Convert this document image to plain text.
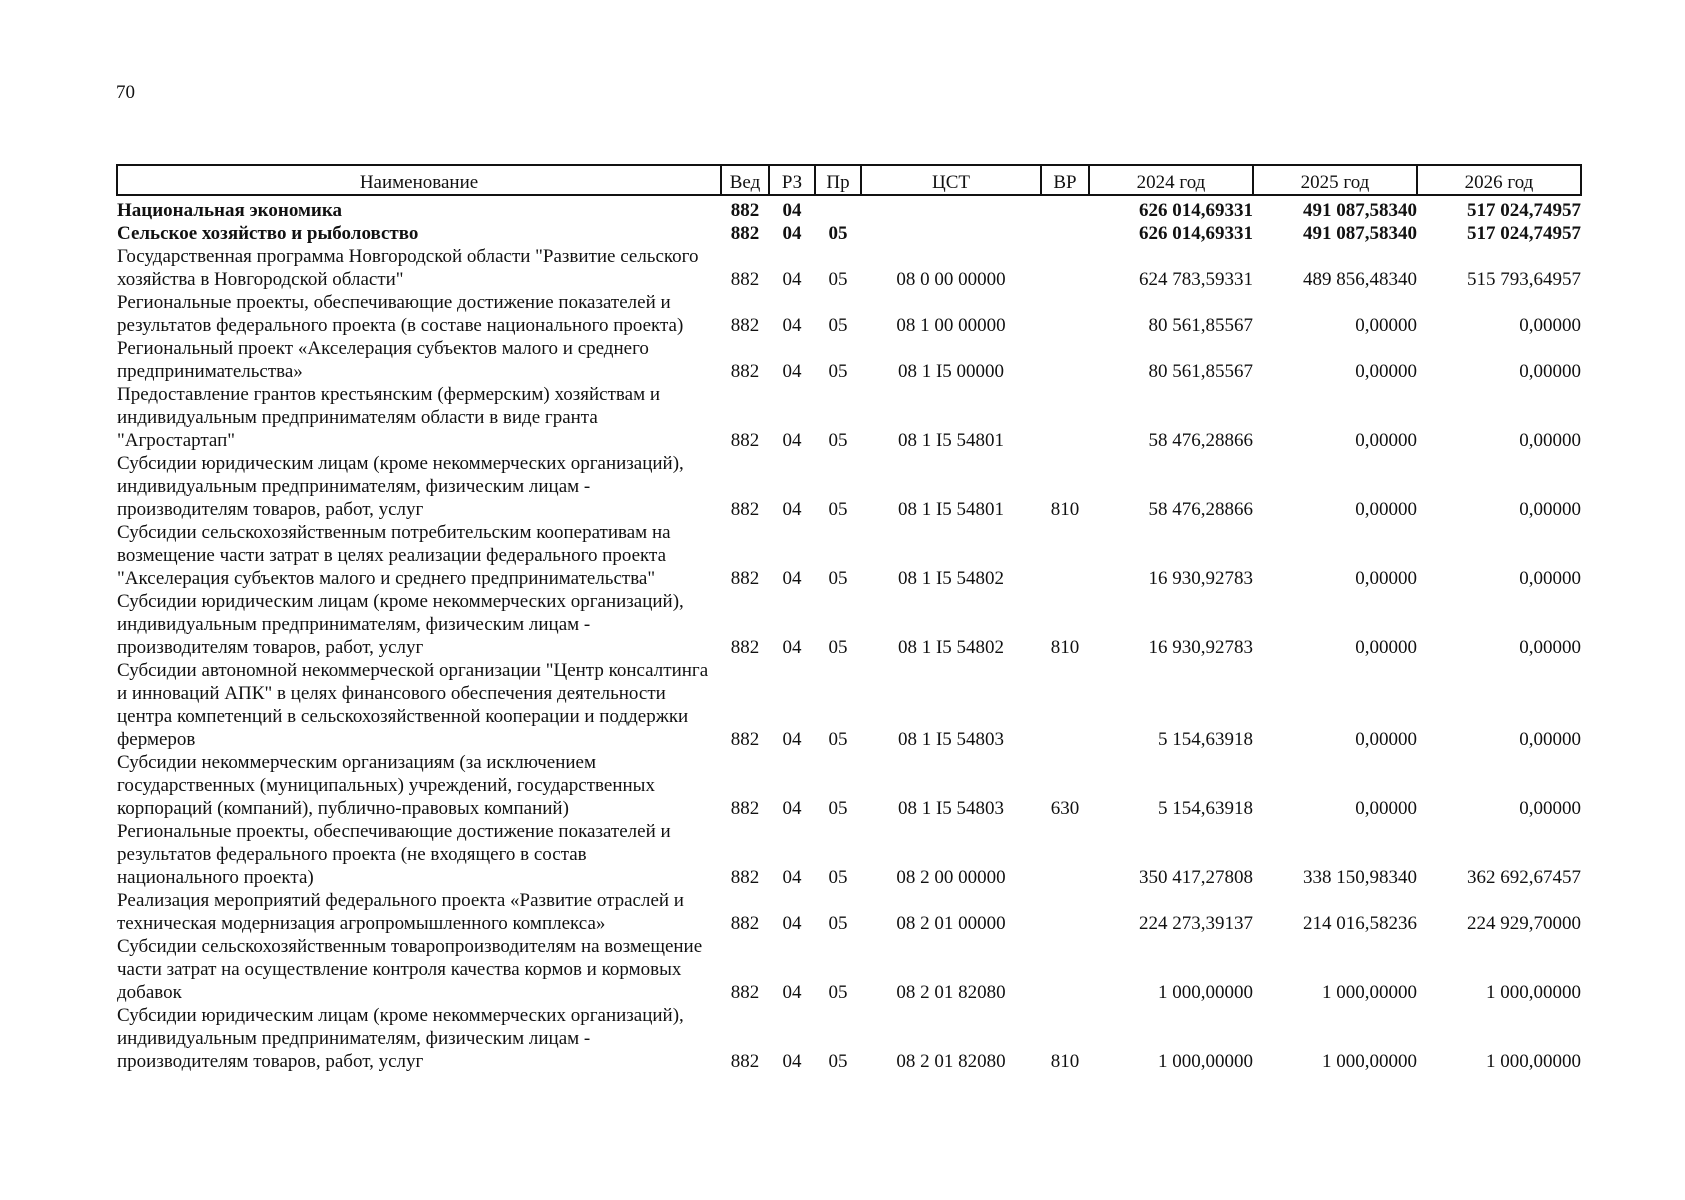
70
Наименование	Вед	РЗ	Пр	ЦСТ	ВР	2024 год	2025 год	2026 год
Национальная экономика	882	04				626 014,69331	491 087,58340	517 024,74957
Сельское хозяйство и рыболовство	882	04	05			626 014,69331	491 087,58340	517 024,74957
Государственная программа Новгородской области "Развитие сельского хозяйства в Новгородской области"	882	04	05	08 0 00 00000		624 783,59331	489 856,48340	515 793,64957
Региональные проекты, обеспечивающие достижение показателей и результатов федерального проекта (в составе национального проекта)	882	04	05	08 1 00 00000		80 561,85567	0,00000	0,00000
Региональный проект «Акселерация субъектов малого и среднего предпринимательства»	882	04	05	08 1 I5 00000		80 561,85567	0,00000	0,00000
Предоставление грантов крестьянским (фермерским) хозяйствам и индивидуальным предпринимателям области в виде гранта "Агростартап"	882	04	05	08 1 I5 54801		58 476,28866	0,00000	0,00000
Субсидии юридическим лицам (кроме некоммерческих организаций), индивидуальным предпринимателям, физическим лицам - производителям товаров, работ, услуг	882	04	05	08 1 I5 54801	810	58 476,28866	0,00000	0,00000
Субсидии сельскохозяйственным потребительским кооперативам на возмещение части затрат в целях реализации федерального проекта "Акселерация субъектов малого и среднего предпринимательства"	882	04	05	08 1 I5 54802		16 930,92783	0,00000	0,00000
Субсидии юридическим лицам (кроме некоммерческих организаций), индивидуальным предпринимателям, физическим лицам - производителям товаров, работ, услуг	882	04	05	08 1 I5 54802	810	16 930,92783	0,00000	0,00000
Субсидии автономной некоммерческой организации "Центр консалтинга и инноваций АПК" в целях финансового обеспечения деятельности центра компетенций в сельскохозяйственной кооперации и поддержки фермеров	882	04	05	08 1 I5 54803		5 154,63918	0,00000	0,00000
Субсидии некоммерческим организациям (за исключением государственных (муниципальных) учреждений, государственных корпораций (компаний), публично-правовых компаний)	882	04	05	08 1 I5 54803	630	5 154,63918	0,00000	0,00000
Региональные проекты, обеспечивающие достижение показателей и результатов федерального проекта (не входящего в состав национального проекта)	882	04	05	08 2 00 00000		350 417,27808	338 150,98340	362 692,67457
Реализация мероприятий федерального проекта «Развитие отраслей и техническая модернизация агропромышленного комплекса»	882	04	05	08 2 01 00000		224 273,39137	214 016,58236	224 929,70000
Субсидии сельскохозяйственным товаропроизводителям на возмещение части затрат на осуществление контроля качества кормов и кормовых добавок	882	04	05	08 2 01 82080		1 000,00000	1 000,00000	1 000,00000
Субсидии юридическим лицам (кроме некоммерческих организаций), индивидуальным предпринимателям, физическим лицам - производителям товаров, работ, услуг	882	04	05	08 2 01 82080	810	1 000,00000	1 000,00000	1 000,00000
